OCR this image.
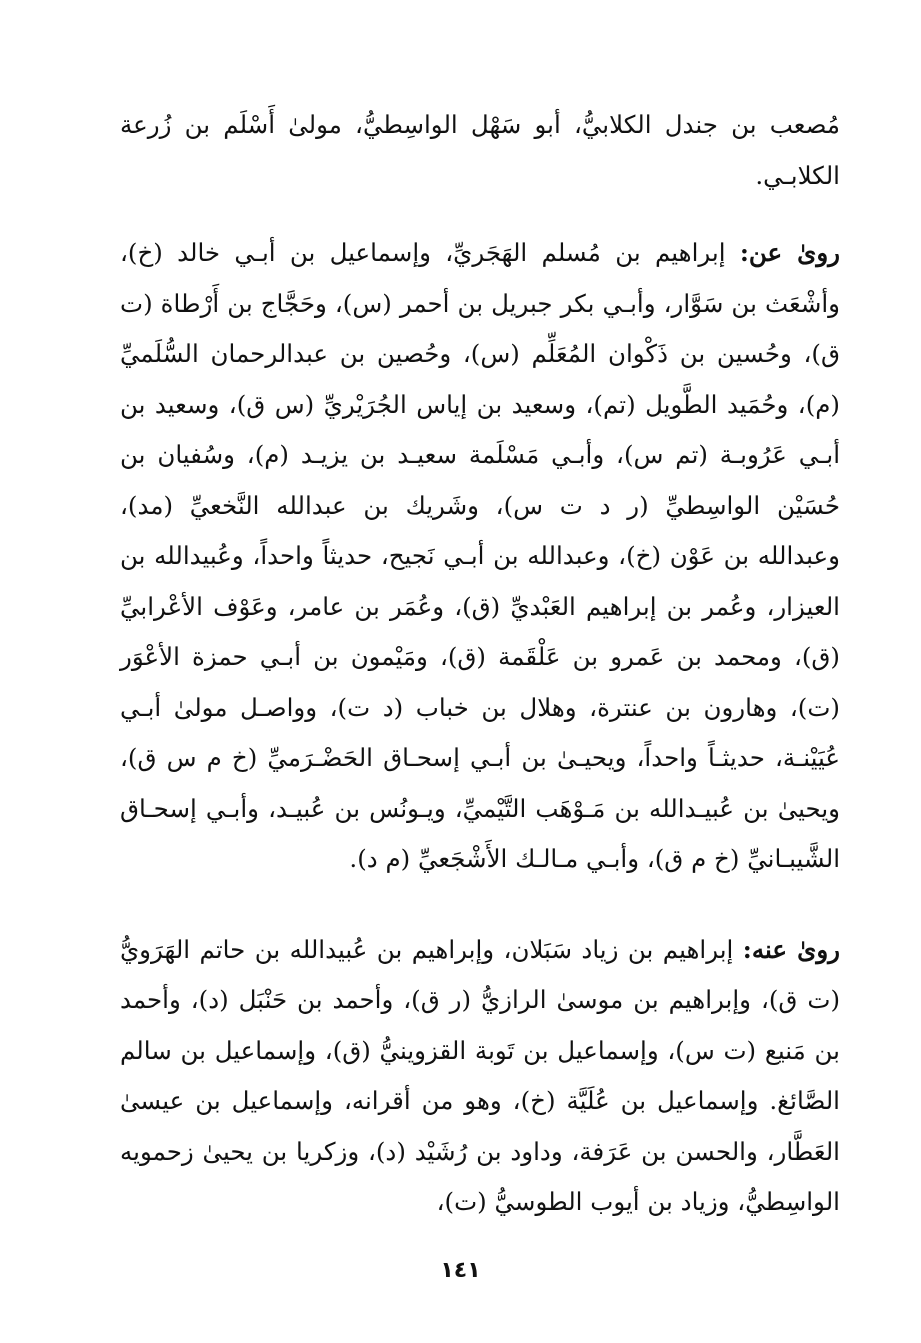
مُصعب بن جندل الكلابيُّ، أبو سَهْل الواسِطيُّ، مولىٰ أَسْلَم بن زُرعة الكلابـي.

روىٰ عن: إبراهيم بن مُسلم الهَجَريِّ، وإسماعيل بن أبـي خالد (خ)، وأشْعَث بن سَوَّار، وأبـي بكر جبريل بن أحمر (س)، وحَجَّاج بن أَرْطاة (ت ق)، وحُسين بن ذَكْوان المُعَلِّم (س)، وحُصين بن عبدالرحمان السُّلَميِّ (م)، وحُمَيد الطَّويل (تم)، وسعيد بن إياس الجُرَيْريِّ (س ق)، وسعيد بن أبـي عَرُوبـة (تم س)، وأبـي مَسْلَمة سعيـد بن يزيـد (م)، وسُفيان بن حُسَيْن الواسِطيِّ (ر د ت س)، وشَريك بن عبدالله النَّخعيِّ (مد)، وعبدالله بن عَوْن (خ)، وعبدالله بن أبـي نَجيح، حديثاً واحداً، وعُبيدالله بن العيزار، وعُمر بن إبراهيم العَبْديِّ (ق)، وعُمَر بن عامر، وعَوْف الأعْرابيِّ (ق)، ومحمد بن عَمرو بن عَلْقَمة (ق)، ومَيْمون بن أبـي حمزة الأعْوَر (ت)، وهارون بن عنترة، وهلال بن خباب (د ت)، وواصـل مولىٰ أبـي عُيَيْنـة، حديثـاً واحداً، ويحيـىٰ بن أبـي إسحـاق الحَضْـرَميِّ (خ م س ق)، ويحيىٰ بن عُبيـدالله بن مَـوْهَب التَّيْميِّ، ويـونُس بن عُبيـد، وأبـي إسحـاق الشَّيبـانيِّ (خ م ق)، وأبـي مـالـك الأَشْجَعيِّ (م د).

روىٰ عنه: إبراهيم بن زياد سَبَلان، وإبراهيم بن عُبيدالله بن حاتم الهَرَويُّ (ت ق)، وإبراهيم بن موسىٰ الرازيُّ (ر ق)، وأحمد بن حَنْبَل (د)، وأحمد بن مَنيع (ت س)، وإسماعيل بن تَوبة القزوينيُّ (ق)، وإسماعيل بن سالم الصَّائغ. وإسماعيل بن عُلَيَّة (خ)، وهو من أقرانه، وإسماعيل بن عيسىٰ العَطَّار، والحسن بن عَرَفة، وداود بن رُشَيْد (د)، وزكريا بن يحيىٰ زحمويه الواسِطيُّ، وزياد بن أيوب الطوسيُّ (ت)،

١٤١
